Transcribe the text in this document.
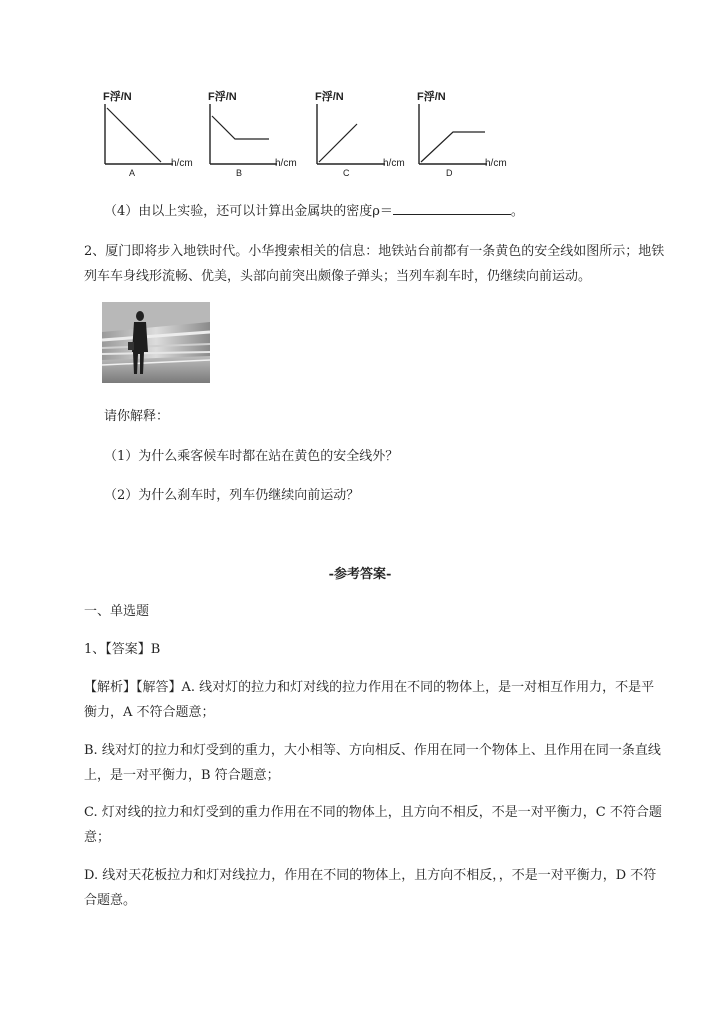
F浮/N
h/cm
A
F浮/N
h/cm
B
F浮/N
h/cm
C
F浮/N
h/cm
D
（4）由以上实验，还可以计算出金属块的密度ρ＝	。
2、厦门即将步入地铁时代。小华搜索相关的信息：地铁站台前都有一条黄色的安全线如图所示；地铁
列车车身线形流畅、优美，头部向前突出颇像子弹头；当列车刹车时，仍继续向前运动。
请你解释：
（1）为什么乘客候车时都在站在黄色的安全线外？
（2）为什么刹车时，列车仍继续向前运动？
-参考答案-
一、单选题
1、【答案】B
【解析】【解答】A. 线对灯的拉力和灯对线的拉力作用在不同的物体上，是一对相互作用力，不是平
衡力，A 不符合题意；
B. 线对灯的拉力和灯受到的重力，大小相等、方向相反、作用在同一个物体上、且作用在同一条直线
上，是一对平衡力，B 符合题意；
C. 灯对线的拉力和灯受到的重力作用在不同的物体上，且方向不相反，不是一对平衡力，C 不符合题
意；
D. 线对天花板拉力和灯对线拉力，作用在不同的物体上，且方向不相反，，不是一对平衡力，D 不符
合题意。
